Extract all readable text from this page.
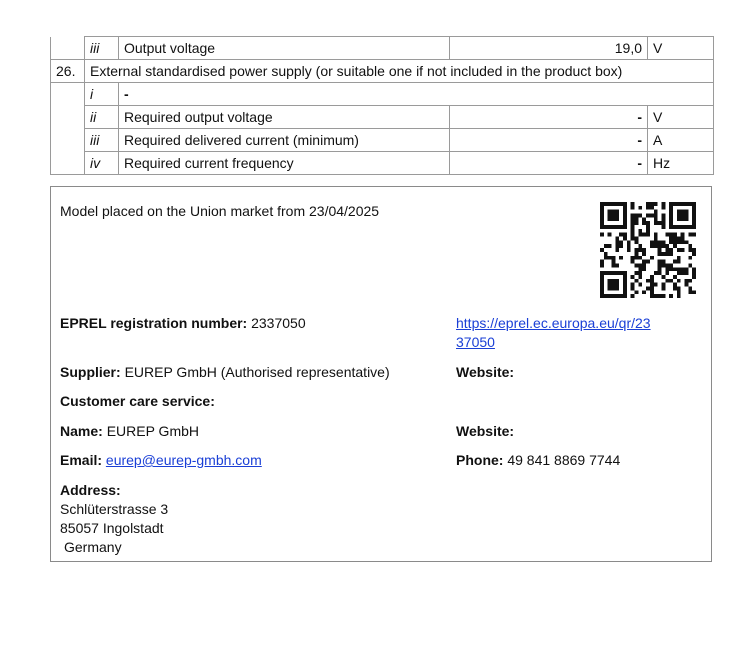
	iii	Output voltage	19,0	V
26.	External standardised power supply (or suitable one if not included in the product box)			
	i	-		
	ii	Required output voltage	-	V
	iii	Required delivered current (minimum)	-	A
	iv	Required current frequency	-	Hz
Model placed on the Union market from 23/04/2025
EPREL registration number: 2337050	https://eprel.ec.europa.eu/qr/23
37050
Supplier: EUREP GmbH (Authorised representative)	Website:
Customer care service:
Name: EUREP GmbH	Website:
Email: eurep@eurep-gmbh.com	Phone: 49 841 8869 7744
Address:
Schlüterstrasse 3
85057 Ingolstadt
Germany
